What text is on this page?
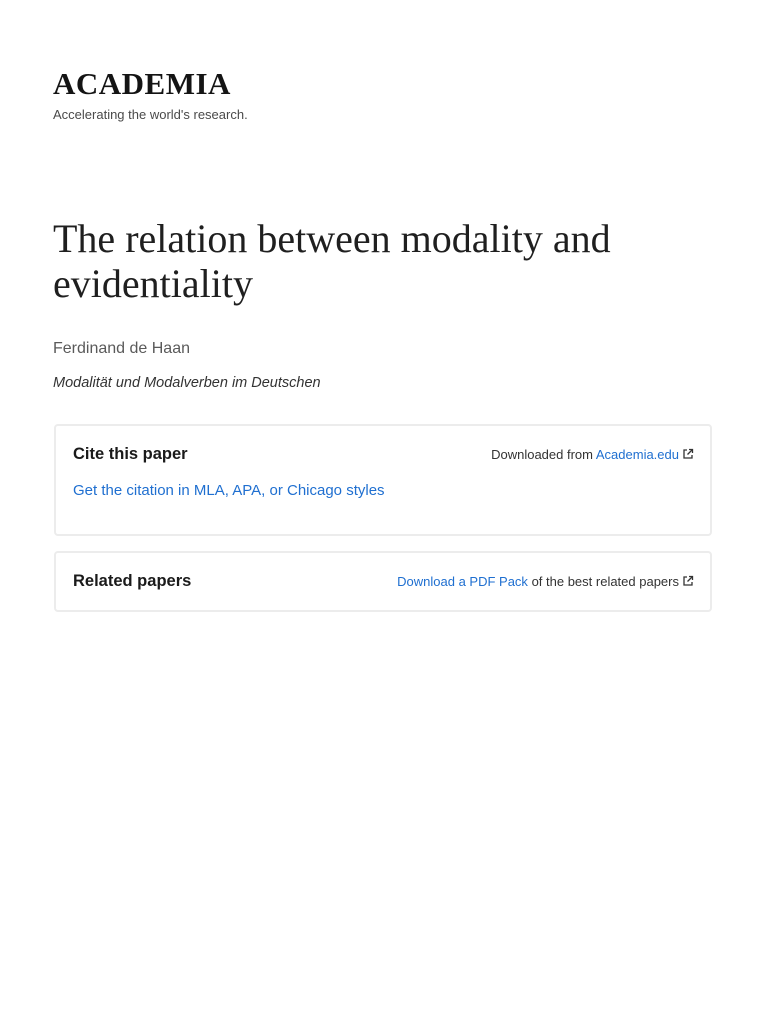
ACADEMIA
Accelerating the world's research.
The relation between modality and evidentiality
Ferdinand de Haan
Modalität und Modalverben im Deutschen
Cite this paper	Downloaded from Academia.edu
Get the citation in MLA, APA, or Chicago styles
Related papers	Download a PDF Pack of the best related papers
